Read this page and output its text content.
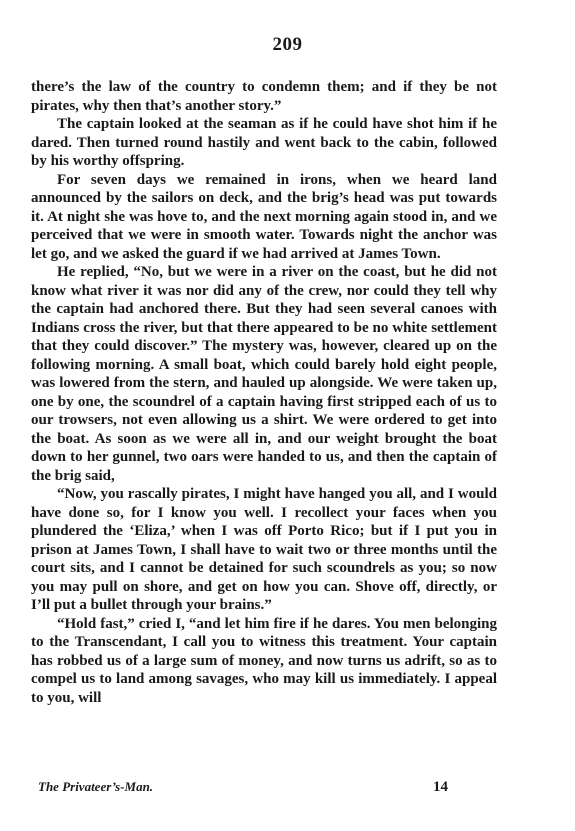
209

there’s the law of the country to condemn them; and if they be not pirates, why then that’s another story.”

The captain looked at the seaman as if he could have shot him if he dared. Then turned round hastily and went back to the cabin, followed by his worthy offspring.

For seven days we remained in irons, when we heard land announced by the sailors on deck, and the brig’s head was put towards it. At night she was hove to, and the next morning again stood in, and we perceived that we were in smooth water. Towards night the anchor was let go, and we asked the guard if we had arrived at James Town.

He replied, “No, but we were in a river on the coast, but he did not know what river it was nor did any of the crew, nor could they tell why the captain had anchored there. But they had seen several canoes with Indians cross the river, but that there appeared to be no white settlement that they could discover.” The mystery was, however, cleared up on the following morning. A small boat, which could barely hold eight people, was lowered from the stern, and hauled up alongside. We were taken up, one by one, the scoundrel of a captain having first stripped each of us to our trowsers, not even allowing us a shirt. We were ordered to get into the boat. As soon as we were all in, and our weight brought the boat down to her gunnel, two oars were handed to us, and then the captain of the brig said,

“Now, you rascally pirates, I might have hanged you all, and I would have done so, for I know you well. I recollect your faces when you plundered the ‘Eliza,’ when I was off Porto Rico; but if I put you in prison at James Town, I shall have to wait two or three months until the court sits, and I cannot be detained for such scoundrels as you; so now you may pull on shore, and get on how you can. Shove off, directly, or I’ll put a bullet through your brains.”

“Hold fast,” cried I, “and let him fire if he dares. You men belonging to the Transcendant, I call you to witness this treatment. Your captain has robbed us of a large sum of money, and now turns us adrift, so as to compel us to land among savages, who may kill us immediately. I appeal to you, will

The Privateer’s-Man.	14
